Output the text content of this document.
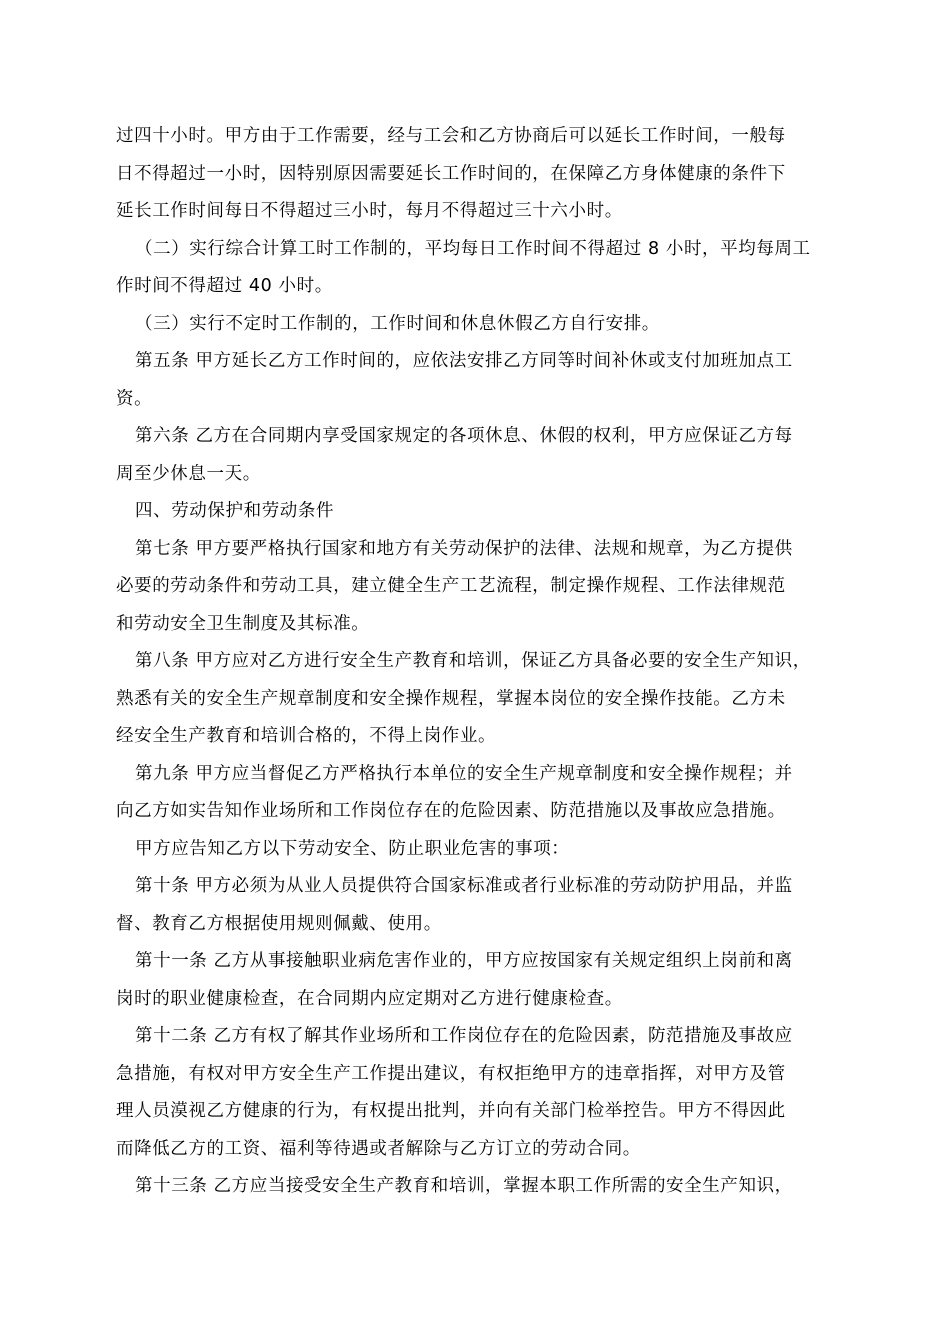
过四十小时。甲方由于工作需要，经与工会和乙方协商后可以延长工作时间，一般每
日不得超过一小时，因特别原因需要延长工作时间的，在保障乙方身体健康的条件下
延长工作时间每日不得超过三小时，每月不得超过三十六小时。
（二）实行综合计算工时工作制的，平均每日工作时间不得超过 8 小时，平均每周工
作时间不得超过 40 小时。
（三）实行不定时工作制的，工作时间和休息休假乙方自行安排。
第五条 甲方延长乙方工作时间的，应依法安排乙方同等时间补休或支付加班加点工
资。
第六条 乙方在合同期内享受国家规定的各项休息、休假的权利，甲方应保证乙方每
周至少休息一天。
四、劳动保护和劳动条件
第七条 甲方要严格执行国家和地方有关劳动保护的法律、法规和规章，为乙方提供
必要的劳动条件和劳动工具，建立健全生产工艺流程，制定操作规程、工作法律规范
和劳动安全卫生制度及其标准。
第八条 甲方应对乙方进行安全生产教育和培训，保证乙方具备必要的安全生产知识，
熟悉有关的安全生产规章制度和安全操作规程，掌握本岗位的安全操作技能。乙方未
经安全生产教育和培训合格的，不得上岗作业。
第九条 甲方应当督促乙方严格执行本单位的安全生产规章制度和安全操作规程；并
向乙方如实告知作业场所和工作岗位存在的危险因素、防范措施以及事故应急措施。
甲方应告知乙方以下劳动安全、防止职业危害的事项：
第十条 甲方必须为从业人员提供符合国家标准或者行业标准的劳动防护用品，并监
督、教育乙方根据使用规则佩戴、使用。
第十一条 乙方从事接触职业病危害作业的，甲方应按国家有关规定组织上岗前和离
岗时的职业健康检查，在合同期内应定期对乙方进行健康检查。
第十二条 乙方有权了解其作业场所和工作岗位存在的危险因素，防范措施及事故应
急措施，有权对甲方安全生产工作提出建议，有权拒绝甲方的违章指挥，对甲方及管
理人员漠视乙方健康的行为，有权提出批判，并向有关部门检举控告。甲方不得因此
而降低乙方的工资、福利等待遇或者解除与乙方订立的劳动合同。
第十三条 乙方应当接受安全生产教育和培训，掌握本职工作所需的安全生产知识，
